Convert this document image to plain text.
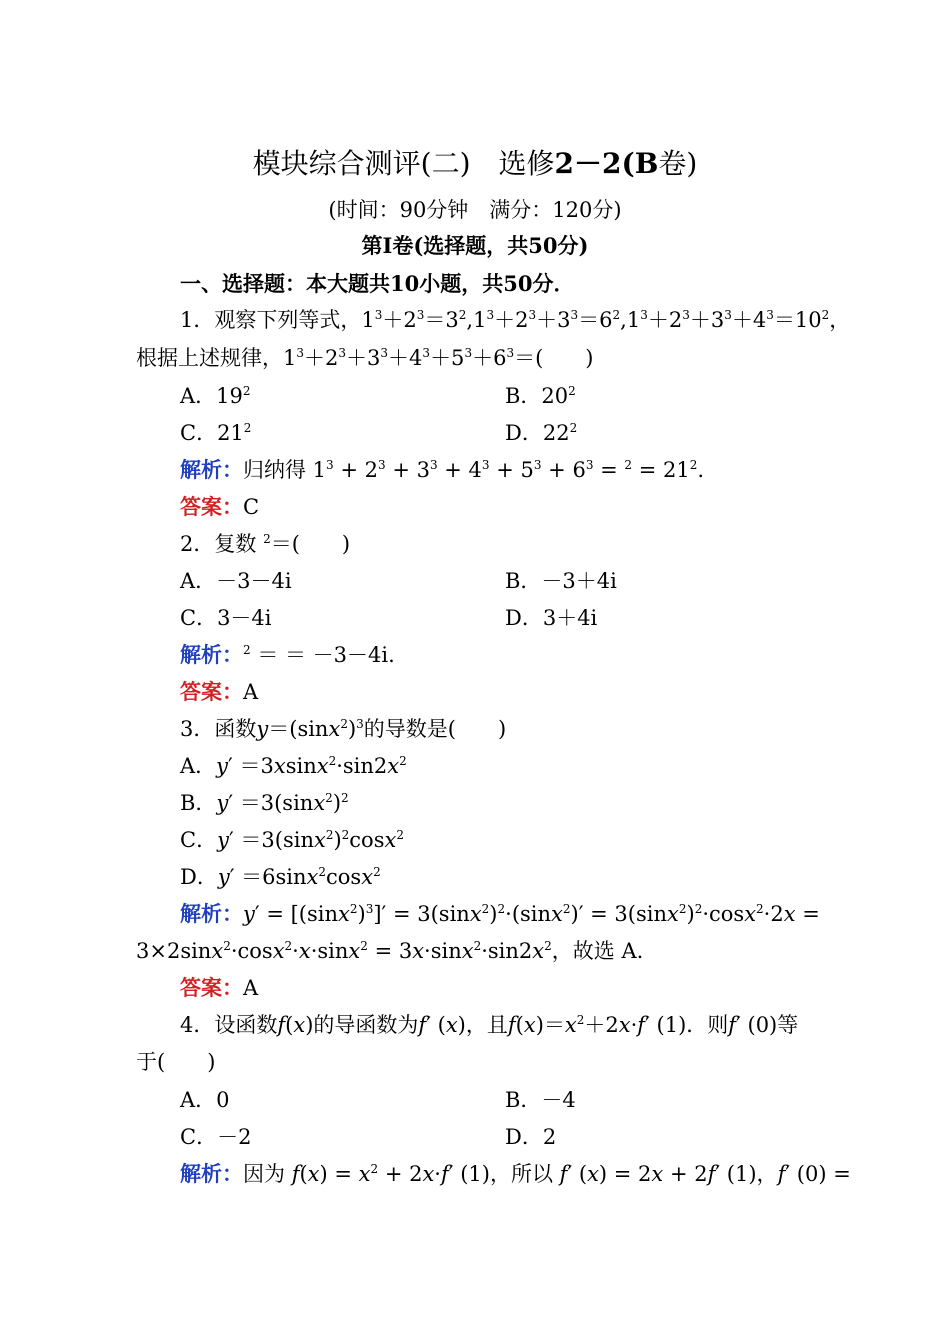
模块综合测评(二)　 选修2－2(B卷)
(时间：90分钟　满分：120分)
第Ⅰ卷(选择题，共50分)
一、选择题：本大题共10小题，共50分．
1．观察下列等式，$1^3+2^3=3^2,1^3+2^3+3^3=6^2,1^3+2^3+3^3+4^3=10^2$，
根据上述规律，$1^3+2^3+3^3+4^3+5^3+6^3=$(　　)
A．$19^2$	B．$20^2$
C．$21^2$	D．$22^2$
解析：归纳得 $1^3 + 2^3 + 3^3 + 4^3 + 5^3 + 6^3 = ^2 = 21^2$.
答案：C
2．复数 $^2$＝(　　)
A．－3－4i	B．－3＋4i
C．3－4i	D．3＋4i
解析：$^2$ ＝ ＝ －3－4i.
答案：A
3．函数$y=(\sin x^2)^3$的导数是(　　)
A．$y' =3xsinx^2\cdot\sin 2x^2$
B．$y' =3(\sin x^2)^2$
C．$y' =3(\sin x^2)^2\cos x^2$
D．y′ ＝6sinx$^2$cosx$^2$
解析：$y' = [(\sin x^2)^3]' = 3(\sin x^2)^2\cdot(\sin x^2)' = 3(\sin x^2)^2\cdot\cos x^2\cdot 2x$ =
$3\times 2\sin x^2\cdot\cos x^2\cdot x\cdot\sin x^2 = 3x\cdot\sin x^2\cdot\sin 2x^2$，故选 A.
答案：A
4．设函数f(x)的导函数为f′ (x)，且$f(x)=x^2+2x\cdot f'$ (1)．则f′ (0)等
于(　　)
A．0	B．－4
C．－2	D．2
解析：因为 $f(x) = x^2 + 2x\cdot f'$ (1)，所以 f′ (x) = 2x + 2f′ (1)，f′ (0) =
